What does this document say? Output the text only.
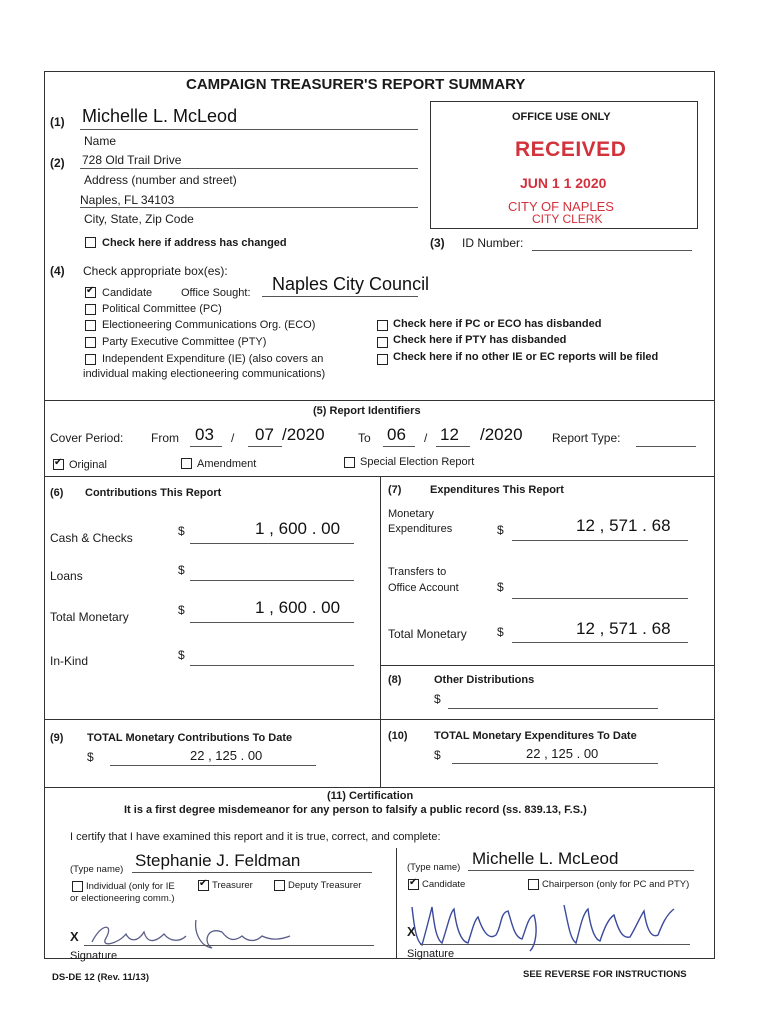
CAMPAIGN TREASURER'S REPORT SUMMARY
OFFICE USE ONLY
RECEIVED
JUN 1 1 2020
CITY OF NAPLES
CITY CLERK
(1) Michelle L. McLeod
Name
(2) 728 Old Trail Drive
Address (number and street)
Naples, FL 34103
City, State, Zip Code
Check here if address has changed	(3) ID Number:
(4) Check appropriate box(es):
✔
Candidate	Office Sought: Naples City Council
Political Committee (PC)
Electioneering Communications Org. (ECO)
Party Executive Committee (PTY)
Independent Expenditure (IE) (also covers an
individual making electioneering communications)
Check here if PC or ECO has disbanded
Check here if PTY has disbanded
Check here if no other IE or EC reports will be filed
(5) Report Identifiers
Cover Period: From 03 / 07 /2020	To 06 / 12 /2020 Report Type:
✔
Original	Amendment	Special Election Report
(6) Contributions This Report
Cash & Checks	$	1 , 600 . 00
Loans	$
Total Monetary	$	1 , 600 . 00
In-Kind	$
(7)	Expenditures This Report
Monetary
Expenditures	$	12 , 571 . 68
Transfers to
Office Account	$
Total Monetary	$	12 , 571 . 68
(8)	Other Distributions
$
(9) TOTAL Monetary Contributions To Date
$	22 , 125 . 00
(10) TOTAL Monetary Expenditures To Date
$	22 , 125 . 00
(11) Certification
It is a first degree misdemeanor for any person to falsify a public record (ss. 839.13, F.S.)
I certify that I have examined this report and it is true, correct, and complete:
(Type name) Stephanie J. Feldman
Individual (only for IE
or electioneering comm.)
✔
Treasurer	Deputy Treasurer
X
Signature
(Type name) Michelle L. McLeod
✔
Candidate	Chairperson (only for PC and PTY)
X
Signature
DS-DE 12 (Rev. 11/13)	SEE REVERSE FOR INSTRUCTIONS
